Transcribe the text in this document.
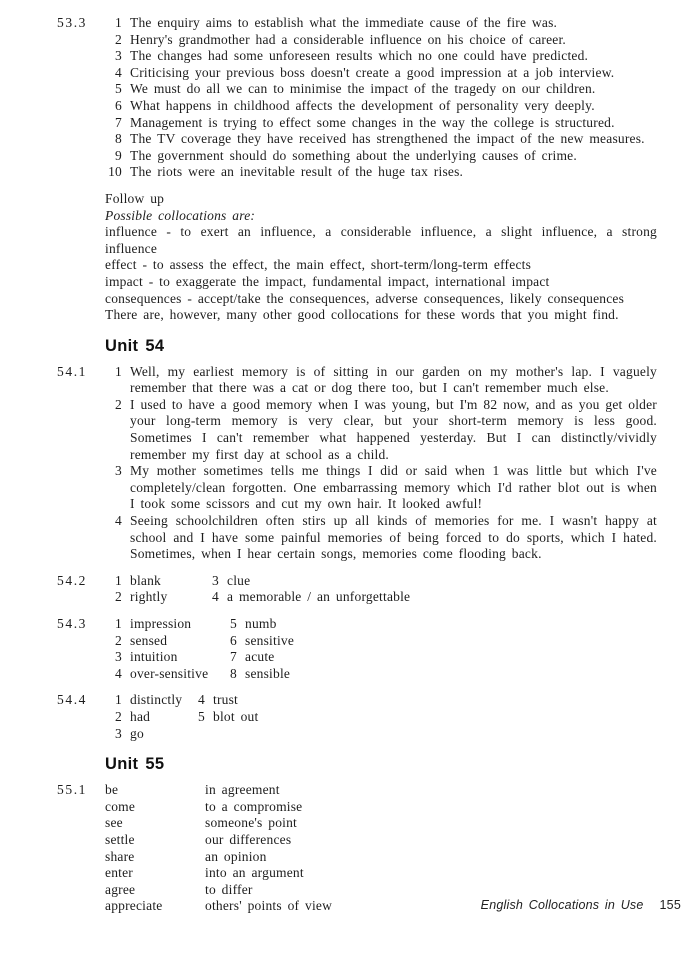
53.3	1 The enquiry aims to establish what the immediate cause of the fire was.
2 Henry's grandmother had a considerable influence on his choice of career.
3 The changes had some unforeseen results which no one could have predicted.
4 Criticising your previous boss doesn't create a good impression at a job interview.
5 We must do all we can to minimise the impact of the tragedy on our children.
6 What happens in childhood affects the development of personality very deeply.
7 Management is trying to effect some changes in the way the college is structured.
8 The TV coverage they have received has strengthened the impact of the new measures.
9 The government should do something about the underlying causes of crime.
10 The riots were an inevitable result of the huge tax rises.
Follow up
Possible collocations are:
influence - to exert an influence, a considerable influence, a slight influence, a strong influence
effect - to assess the effect, the main effect, short-term/long-term effects
impact - to exaggerate the impact, fundamental impact, international impact
consequences - accept/take the consequences, adverse consequences, likely consequences
There are, however, many other good collocations for these words that you might find.
Unit 54
54.1	1 Well, my earliest memory is of sitting in our garden on my mother's lap. I vaguely remember that there was a cat or dog there too, but I can't remember much else.
2 I used to have a good memory when I was young, but I'm 82 now, and as you get older your long-term memory is very clear, but your short-term memory is less good. Sometimes I can't remember what happened yesterday. But I can distinctly/vividly remember my first day at school as a child.
3 My mother sometimes tells me things I did or said when 1 was little but which I've completely/clean forgotten. One embarrassing memory which I'd rather blot out is when I took some scissors and cut my own hair. It looked awful!
4 Seeing schoolchildren often stirs up all kinds of memories for me. I wasn't happy at school and I have some painful memories of being forced to do sports, which I hated. Sometimes, when I hear certain songs, memories come flooding back.
54.2	1 blank	3 clue
2 rightly	4 a memorable / an unforgettable
54.3	1 impression	5 numb
2 sensed	6 sensitive
3 intuition	7 acute
4 over-sensitive	8 sensible
54.4	1 distinctly	4 trust
2 had	5 blot out
3 go
Unit 55
55.1	be	in agreement
come	to a compromise
see	someone's point
settle	our differences
share	an opinion
enter	into an argument
agree	to differ
appreciate	others' points of view	English Collocations in Use 155
